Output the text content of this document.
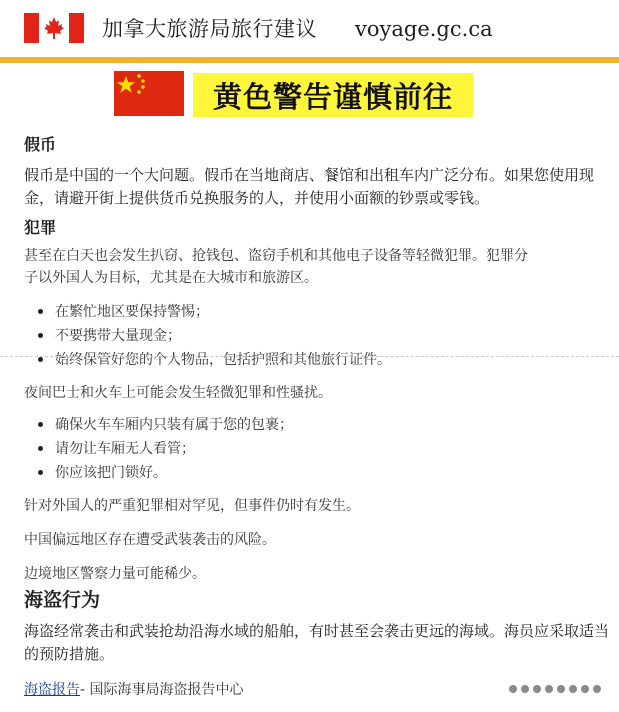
加拿大旅游局旅行建议 voyage.gc.ca
黄色警告谨慎前往
假币
假币是中国的一个大问题。假币在当地商店、餐馆和出租车内广泛分布。如果您使用现金，请避开街上提供货币兑换服务的人，并使用小面额的钞票或零钱。
犯罪
甚至在白天也会发生扒窃、抢钱包、盗窃手机和其他电子设备等轻微犯罪。犯罪分
子以外国人为目标，尤其是在大城市和旅游区。
在繁忙地区要保持警惕；
不要携带大量现金；
始终保管好您的个人物品，包括护照和其他旅行证件。
夜间巴士和火车上可能会发生轻微犯罪和性骚扰。
确保火车车厢内只装有属于您的包裹；
请勿让车厢无人看管；
你应该把门锁好。
针对外国人的严重犯罪相对罕见，但事件仍时有发生。
中国偏远地区存在遭受武装袭击的风险。
边境地区警察力量可能稀少。
海盗行为
海盗经常袭击和武装抢劫沿海水域的船舶，有时甚至会袭击更远的海域。海员应采取适当的预防措施。
海盗报告- 国际海事局海盗报告中心
